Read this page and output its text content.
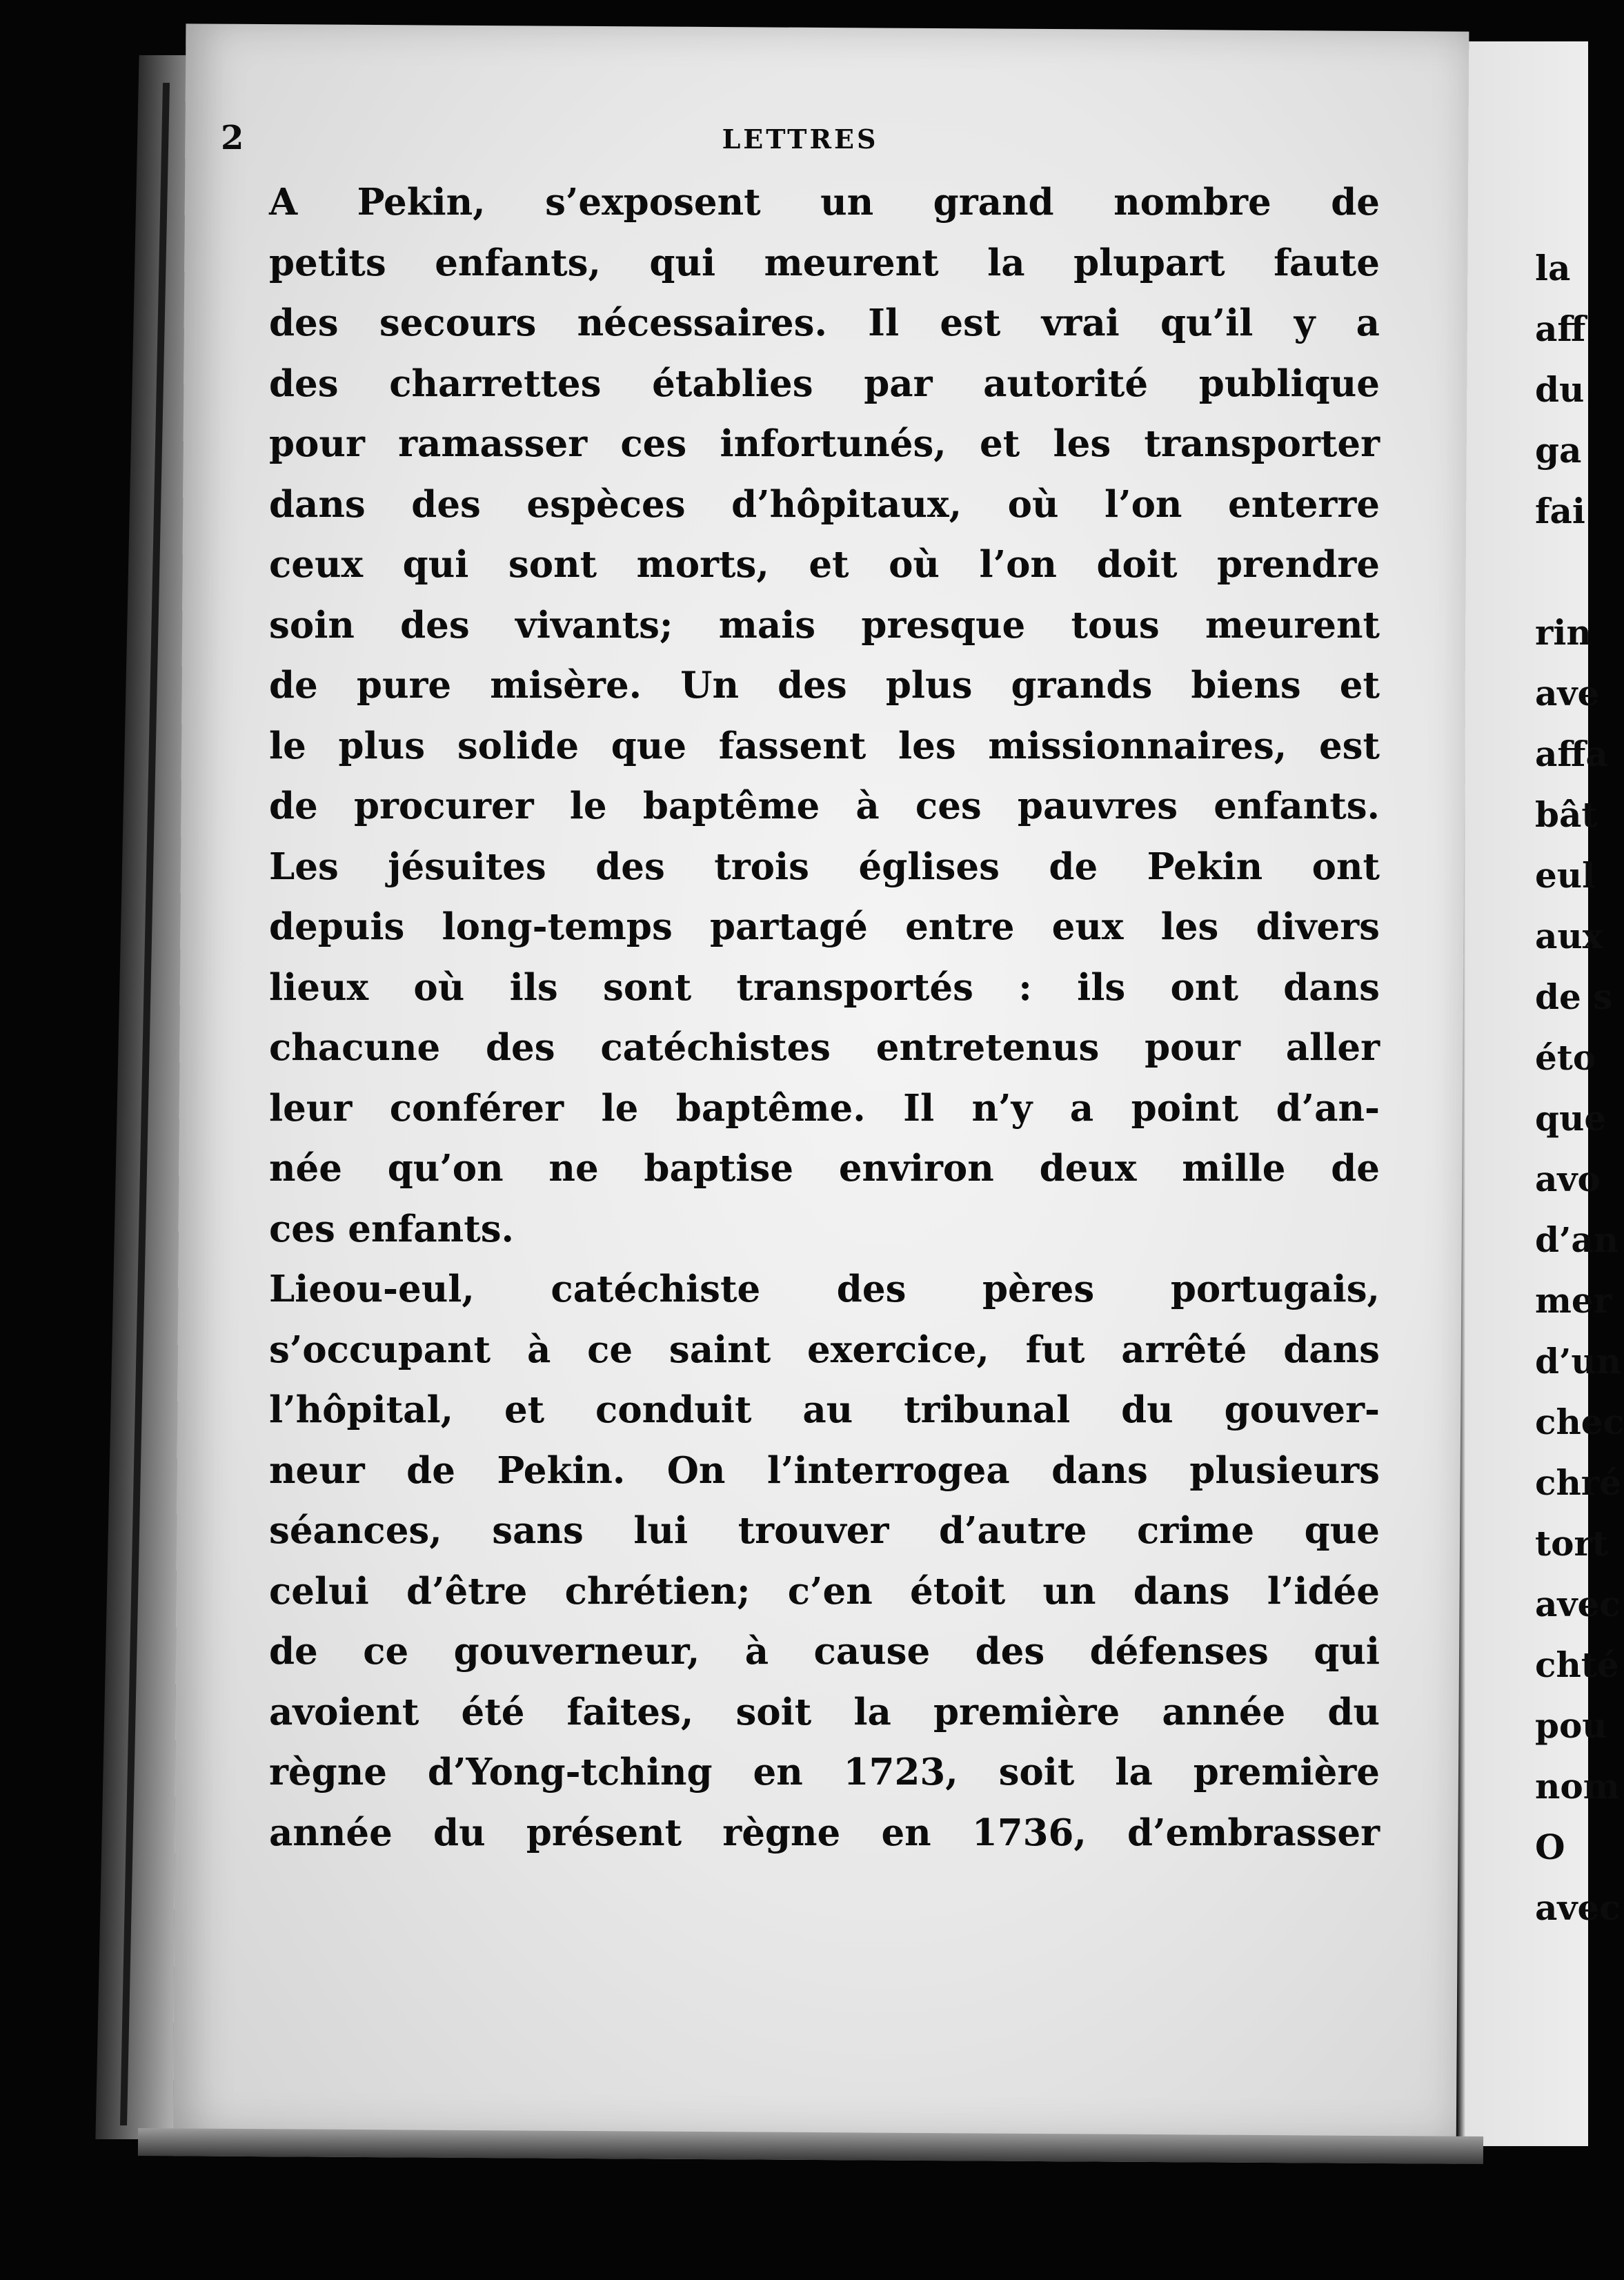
la
aff
du
ga
fai

rin
ave
affa
bât
eul
aux
de s
éto
que
avo
d’an
mer
d’un
chec
chré
tort
avec
chté
pou
nom
O
avec

2	LETTRES

A Pekin, s’exposent un grand nombre de
petits enfants, qui meurent la plupart faute
des secours nécessaires. Il est vrai qu’il y a
des charrettes établies par autorité publique
pour ramasser ces infortunés, et les transporter
dans des espèces d’hôpitaux, où l’on enterre
ceux qui sont morts, et où l’on doit prendre
soin des vivants; mais presque tous meurent
de pure misère. Un des plus grands biens et
le plus solide que fassent les missionnaires, est
de procurer le baptême à ces pauvres enfants.
Les jésuites des trois églises de Pekin ont
depuis long-temps partagé entre eux les divers
lieux où ils sont transportés : ils ont dans
chacune des catéchistes entretenus pour aller
leur conférer le baptême. Il n’y a point d’an-
née qu’on ne baptise environ deux mille de
ces enfants.

Lieou-eul, catéchiste des pères portugais,
s’occupant à ce saint exercice, fut arrêté dans
l’hôpital, et conduit au tribunal du gouver-
neur de Pekin. On l’interrogea dans plusieurs
séances, sans lui trouver d’autre crime que
celui d’être chrétien; c’en étoit un dans l’idée
de ce gouverneur, à cause des défenses qui
avoient été faites, soit la première année du
règne d’Yong-tching en 1723, soit la première
année du présent règne en 1736, d’embrasser
